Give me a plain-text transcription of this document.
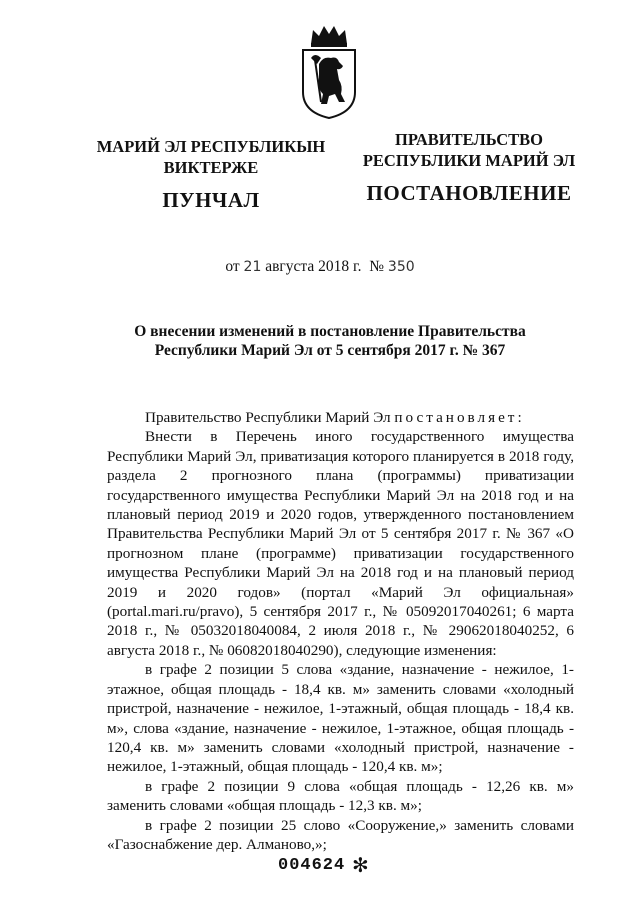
МАРИЙ ЭЛ РЕСПУБЛИКЫН
ВИКТЕРЖЕ
ПУНЧАЛ
ПРАВИТЕЛЬСТВО
РЕСПУБЛИКИ МАРИЙ ЭЛ
ПОСТАНОВЛЕНИЕ
от 21 августа 2018 г. № 350
О внесении изменений в постановление Правительства
Республики Марий Эл от 5 сентября 2017 г. № 367

Правительство Республики Марий Эл постановляет:

Внести в Перечень иного государственного имущества Республики Марий Эл, приватизация которого планируется в 2018 году, раздела 2 прогнозного плана (программы) приватизации государственного имущества Республики Марий Эл на 2018 год и на плановый период 2019 и 2020 годов, утвержденного постановлением Правительства Республики Марий Эл от 5 сентября 2017 г. № 367 «О прогнозном плане (программе) приватизации государственного имущества Республики Марий Эл на 2018 год и на плановый период 2019 и 2020 годов» (портал «Марий Эл официальная» (portal.mari.ru/pravo), 5 сентября 2017 г., № 05092017040261; 6 марта 2018 г., № 05032018040084, 2 июля 2018 г., № 29062018040252, 6 августа 2018 г., № 06082018040290), следующие изменения:

в графе 2 позиции 5 слова «здание, назначение - нежилое, 1-этажное, общая площадь - 18,4 кв. м» заменить словами «холодный пристрой, назначение - нежилое, 1-этажный, общая площадь - 18,4 кв. м», слова «здание, назначение - нежилое, 1-этажное, общая площадь - 120,4 кв. м» заменить словами «холодный пристрой, назначение - нежилое, 1-этажный, общая площадь - 120,4 кв. м»;

в графе 2 позиции 9 слова «общая площадь - 12,26 кв. м» заменить словами «общая площадь - 12,3 кв. м»;

в графе 2 позиции 25 слово «Сооружение,» заменить словами «Газоснабжение дер. Алманово,»;

004624 ✻
